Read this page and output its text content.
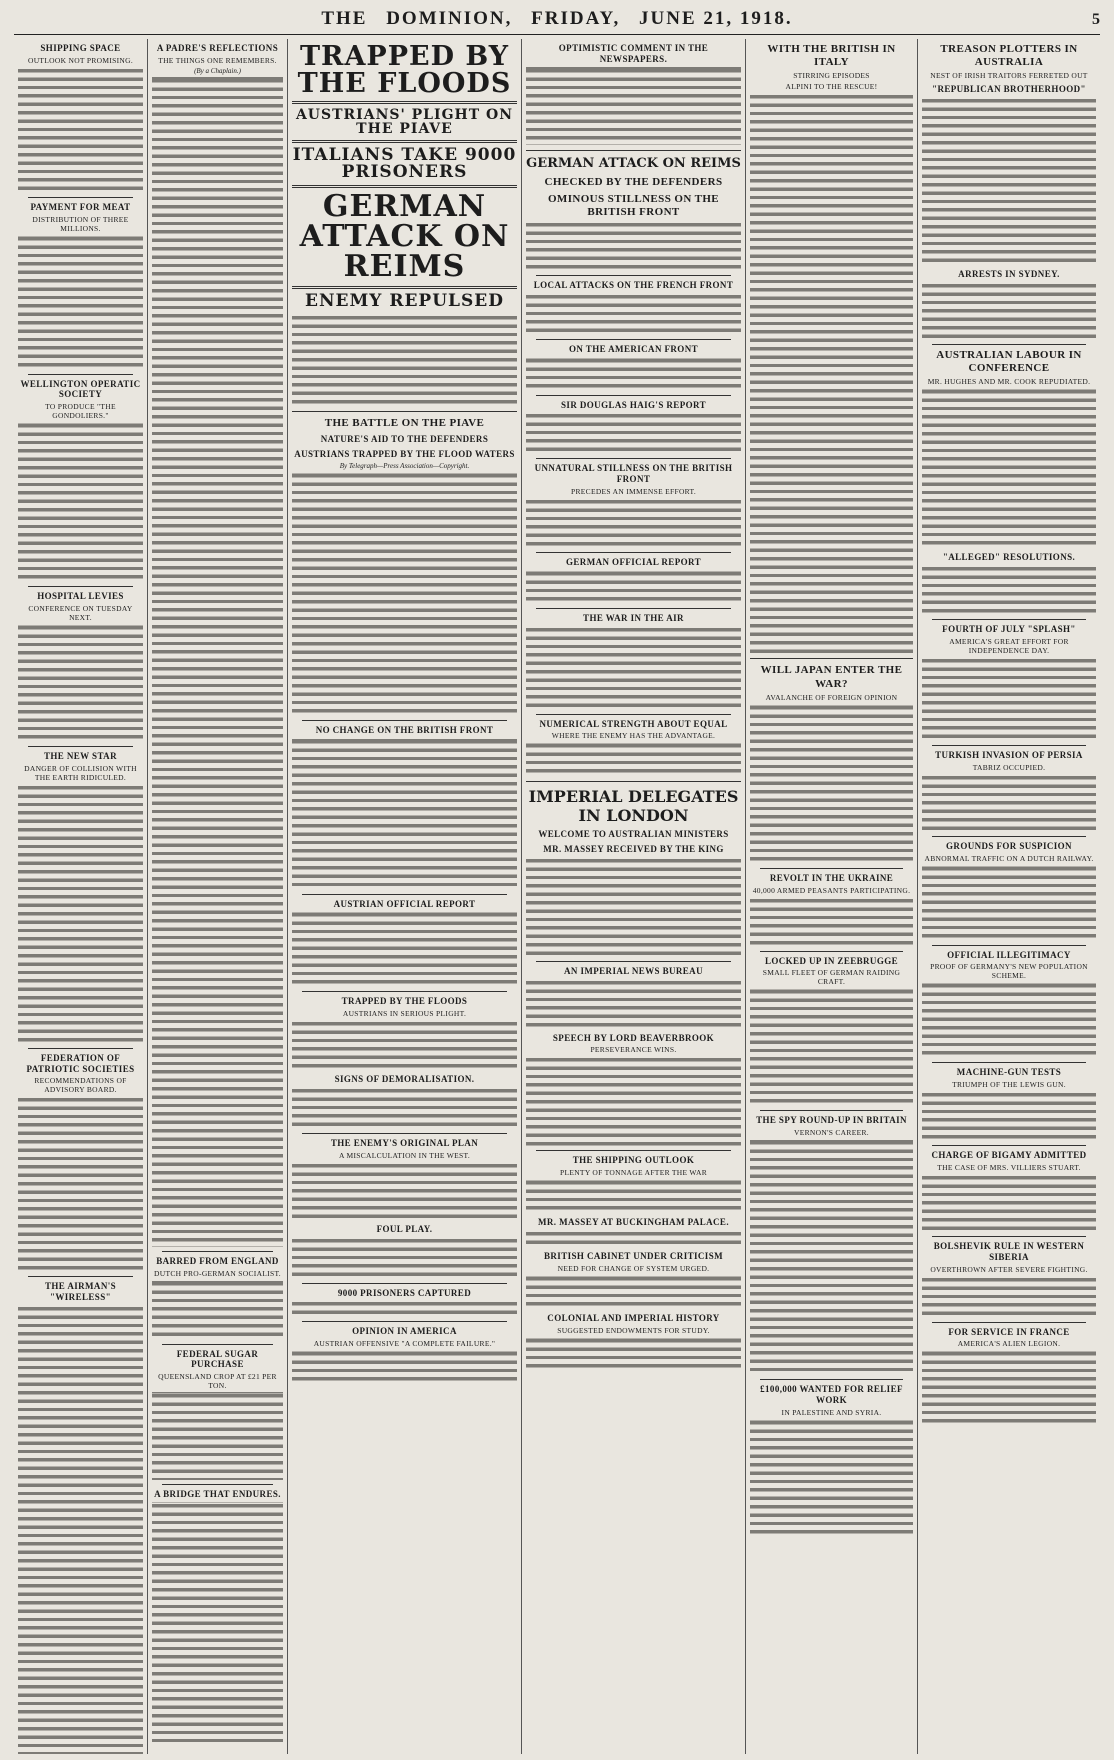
THE DOMINION, FRIDAY, JUNE 21, 1918.	5
SHIPPING SPACE
OUTLOOK NOT PROMISING.
PAYMENT FOR MEAT
DISTRIBUTION OF THREE MILLIONS.
WELLINGTON OPERATIC SOCIETY
TO PRODUCE "THE GONDOLIERS."
HOSPITAL LEVIES
CONFERENCE ON TUESDAY NEXT.
THE NEW STAR
DANGER OF COLLISION WITH THE EARTH RIDICULED.
FEDERATION OF PATRIOTIC SOCIETIES
RECOMMENDATIONS OF ADVISORY BOARD.
THE AIRMAN'S "WIRELESS"
A PADRE'S REFLECTIONS
THE THINGS ONE REMEMBERS.
(By a Chaplain.)
BARRED FROM ENGLAND
DUTCH PRO-GERMAN SOCIALIST.
FEDERAL SUGAR PURCHASE
QUEENSLAND CROP AT £21 PER TON.
A BRIDGE THAT ENDURES.
TRAPPED BY THE FLOODS
AUSTRIANS' PLIGHT ON THE PIAVE
ITALIANS TAKE 9000 PRISONERS
GERMAN ATTACK ON REIMS
ENEMY REPULSED
THE BATTLE ON THE PIAVE
NATURE'S AID TO THE DEFENDERS
AUSTRIANS TRAPPED BY THE FLOOD WATERS
By Telegraph—Press Association—Copyright.
NO CHANGE ON THE BRITISH FRONT
AUSTRIAN OFFICIAL REPORT
TRAPPED BY THE FLOODS
AUSTRIANS IN SERIOUS PLIGHT.
SIGNS OF DEMORALISATION.
THE ENEMY'S ORIGINAL PLAN
A MISCALCULATION IN THE WEST.
FOUL PLAY.
9000 PRISONERS CAPTURED
OPINION IN AMERICA
AUSTRIAN OFFENSIVE "A COMPLETE FAILURE."
OPTIMISTIC COMMENT IN THE NEWSPAPERS.
GERMAN ATTACK ON REIMS
CHECKED BY THE DEFENDERS
OMINOUS STILLNESS ON THE BRITISH FRONT
LOCAL ATTACKS ON THE FRENCH FRONT
ON THE AMERICAN FRONT
SIR DOUGLAS HAIG'S REPORT
UNNATURAL STILLNESS ON THE BRITISH FRONT
PRECEDES AN IMMENSE EFFORT.
GERMAN OFFICIAL REPORT
THE WAR IN THE AIR
NUMERICAL STRENGTH ABOUT EQUAL
WHERE THE ENEMY HAS THE ADVANTAGE.
IMPERIAL DELEGATES IN LONDON
WELCOME TO AUSTRALIAN MINISTERS
MR. MASSEY RECEIVED BY THE KING
AN IMPERIAL NEWS BUREAU
SPEECH BY LORD BEAVERBROOK
PERSEVERANCE WINS.
THE SHIPPING OUTLOOK
PLENTY OF TONNAGE AFTER THE WAR
MR. MASSEY AT BUCKINGHAM PALACE.
BRITISH CABINET UNDER CRITICISM
NEED FOR CHANGE OF SYSTEM URGED.
COLONIAL AND IMPERIAL HISTORY
SUGGESTED ENDOWMENTS FOR STUDY.
WITH THE BRITISH IN ITALY
STIRRING EPISODES
ALPINI TO THE RESCUE!
WILL JAPAN ENTER THE WAR?
AVALANCHE OF FOREIGN OPINION
REVOLT IN THE UKRAINE
40,000 ARMED PEASANTS PARTICIPATING.
LOCKED UP IN ZEEBRUGGE
SMALL FLEET OF GERMAN RAIDING CRAFT.
THE SPY ROUND-UP IN BRITAIN
VERNON'S CAREER.
£100,000 WANTED FOR RELIEF WORK
IN PALESTINE AND SYRIA.
TREASON PLOTTERS IN AUSTRALIA
NEST OF IRISH TRAITORS FERRETED OUT
"REPUBLICAN BROTHERHOOD"
ARRESTS IN SYDNEY.
AUSTRALIAN LABOUR IN CONFERENCE
MR. HUGHES AND MR. COOK REPUDIATED.
"ALLEGED" RESOLUTIONS.
FOURTH OF JULY "SPLASH"
AMERICA'S GREAT EFFORT FOR INDEPENDENCE DAY.
TURKISH INVASION OF PERSIA
TABRIZ OCCUPIED.
GROUNDS FOR SUSPICION
ABNORMAL TRAFFIC ON A DUTCH RAILWAY.
OFFICIAL ILLEGITIMACY
PROOF OF GERMANY'S NEW POPULATION SCHEME.
MACHINE-GUN TESTS
TRIUMPH OF THE LEWIS GUN.
CHARGE OF BIGAMY ADMITTED
THE CASE OF MRS. VILLIERS STUART.
BOLSHEVIK RULE IN WESTERN SIBERIA
OVERTHROWN AFTER SEVERE FIGHTING.
FOR SERVICE IN FRANCE
AMERICA'S ALIEN LEGION.
